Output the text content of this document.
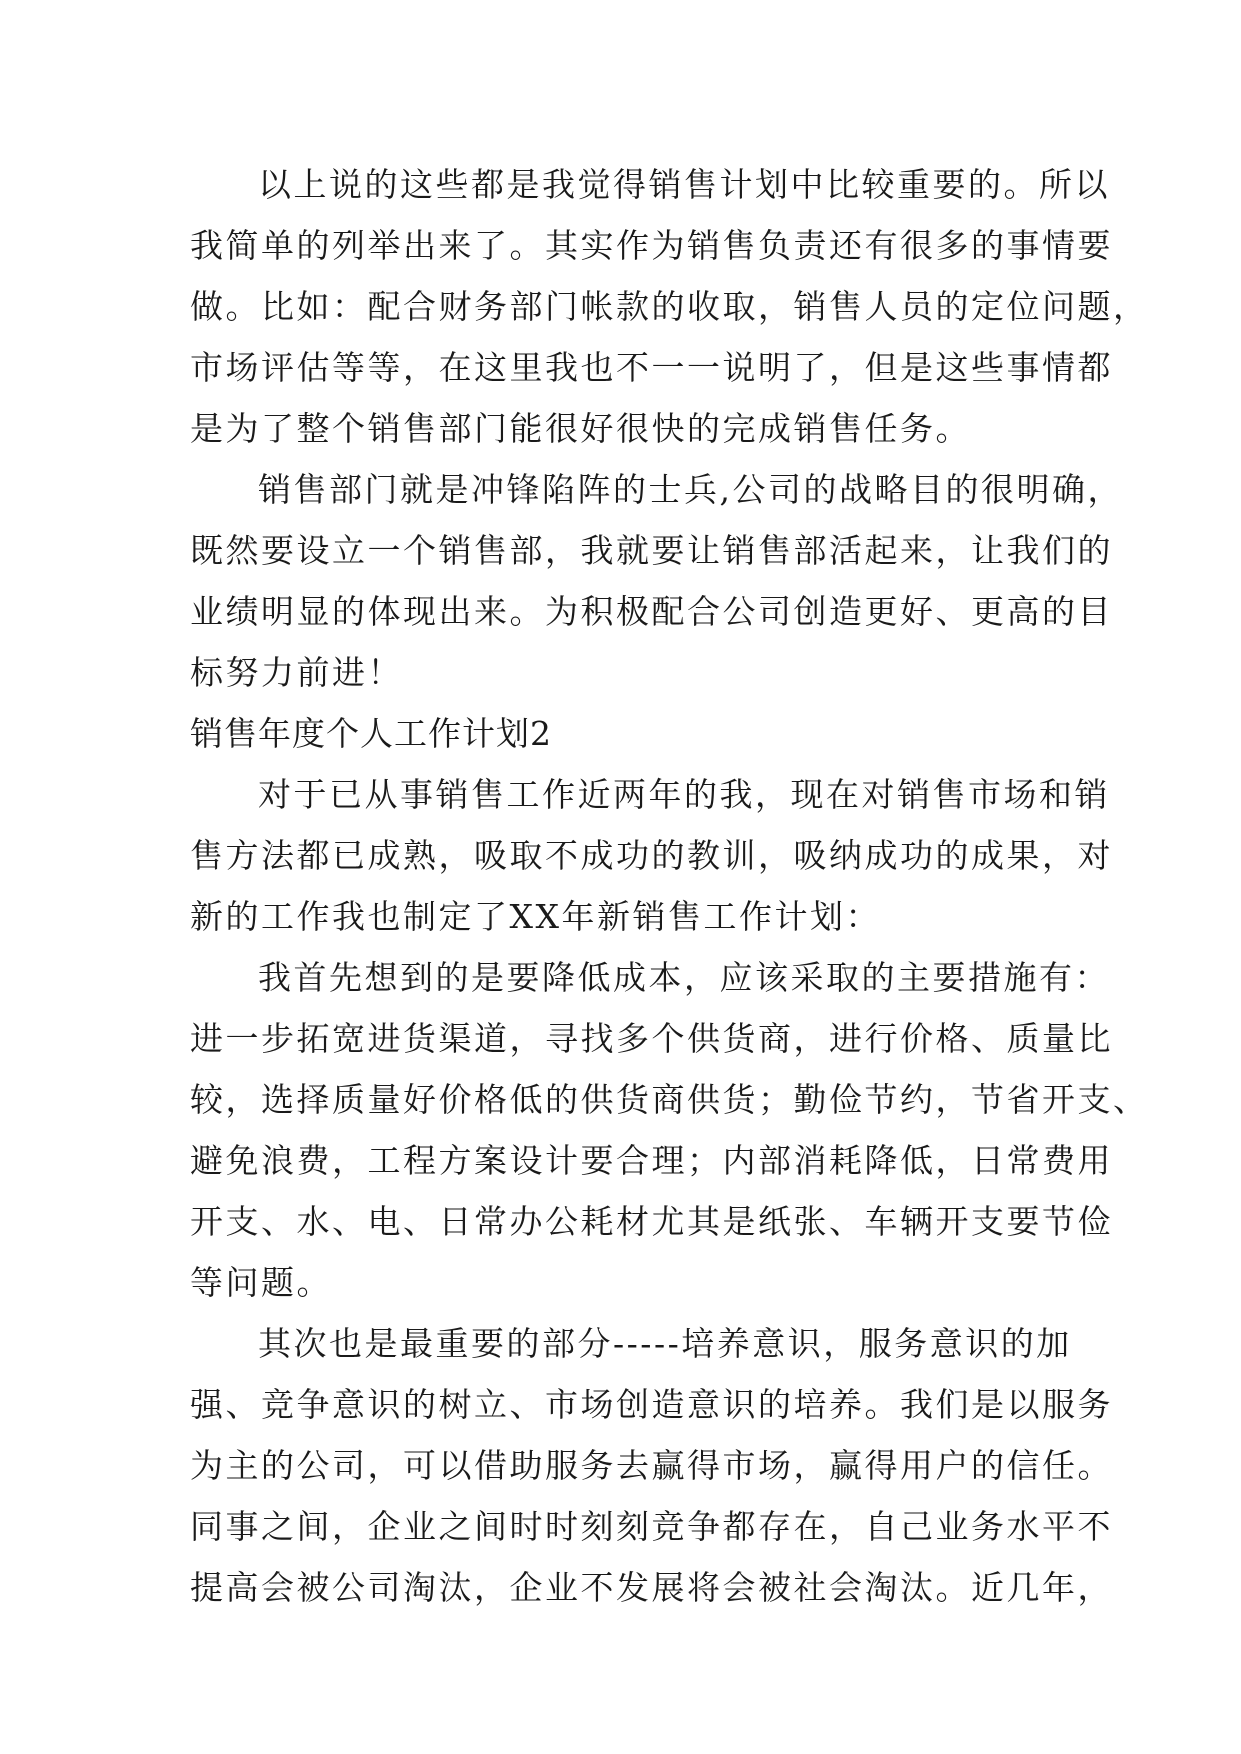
以上说的这些都是我觉得销售计划中比较重要的。所以
我简单的列举出来了。其实作为销售负责还有很多的事情要
做。比如：配合财务部门帐款的收取，销售人员的定位问题，
市场评估等等，在这里我也不一一说明了，但是这些事情都
是为了整个销售部门能很好很快的完成销售任务。
销售部门就是冲锋陷阵的士兵,公司的战略目的很明确，
既然要设立一个销售部，我就要让销售部活起来，让我们的
业绩明显的体现出来。为积极配合公司创造更好、更高的目
标努力前进！
销售年度个人工作计划2
对于已从事销售工作近两年的我，现在对销售市场和销
售方法都已成熟，吸取不成功的教训，吸纳成功的成果，对
新的工作我也制定了XX年新销售工作计划：
我首先想到的是要降低成本，应该采取的主要措施有：
进一步拓宽进货渠道，寻找多个供货商，进行价格、质量比
较，选择质量好价格低的供货商供货；勤俭节约，节省开支、
避免浪费，工程方案设计要合理；内部消耗降低，日常费用
开支、水、电、日常办公耗材尤其是纸张、车辆开支要节俭
等问题。
其次也是最重要的部分-----培养意识，服务意识的加
强、竞争意识的树立、市场创造意识的培养。我们是以服务
为主的公司，可以借助服务去赢得市场，赢得用户的信任。
同事之间，企业之间时时刻刻竞争都存在，自己业务水平不
提高会被公司淘汰，企业不发展将会被社会淘汰。近几年，
